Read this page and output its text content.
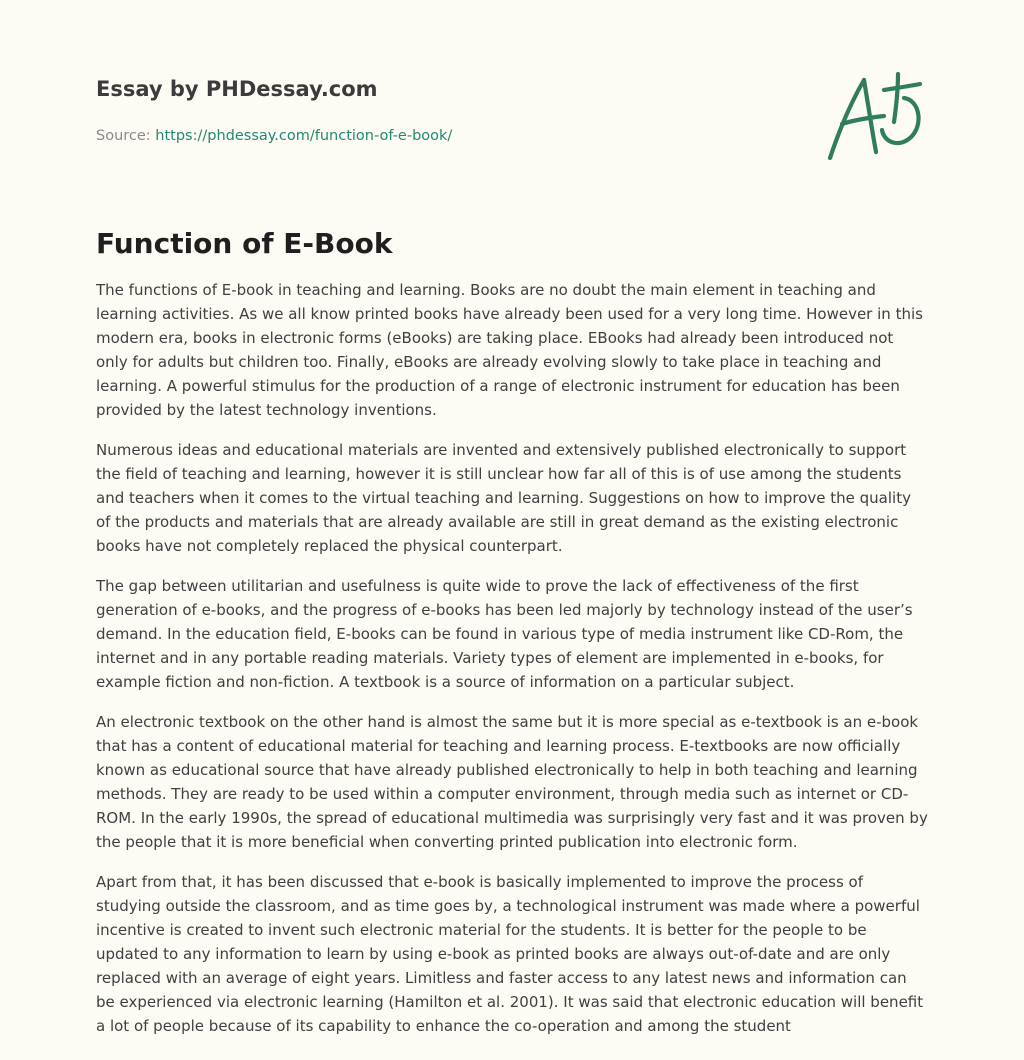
Essay by PHDessay.com
Source: https://phdessay.com/function-of-e-book/
Function of E-Book

The functions of E-book in teaching and learning. Books are no doubt the main element in teaching and learning activities. As we all know printed books have already been used for a very long time. However in this modern era, books in electronic forms (eBooks) are taking place. EBooks had already been introduced not only for adults but children too. Finally, eBooks are already evolving slowly to take place in teaching and learning. A powerful stimulus for the production of a range of electronic instrument for education has been provided by the latest technology inventions.

Numerous ideas and educational materials are invented and extensively published electronically to support the field of teaching and learning, however it is still unclear how far all of this is of use among the students and teachers when it comes to the virtual teaching and learning. Suggestions on how to improve the quality of the products and materials that are already available are still in great demand as the existing electronic books have not completely replaced the physical counterpart.

The gap between utilitarian and usefulness is quite wide to prove the lack of effectiveness of the first generation of e-books, and the progress of e-books has been led majorly by technology instead of the user’s demand. In the education field, E-books can be found in various type of media instrument like CD-Rom, the internet and in any portable reading materials. Variety types of element are implemented in e-books, for example fiction and non-fiction. A textbook is a source of information on a particular subject.

An electronic textbook on the other hand is almost the same but it is more special as e-textbook is an e-book that has a content of educational material for teaching and learning process. E-textbooks are now officially known as educational source that have already published electronically to help in both teaching and learning methods. They are ready to be used within a computer environment, through media such as internet or CD-ROM. In the early 1990s, the spread of educational multimedia was surprisingly very fast and it was proven by the people that it is more beneficial when converting printed publication into electronic form.

Apart from that, it has been discussed that e-book is basically implemented to improve the process of studying outside the classroom, and as time goes by, a technological instrument was made where a powerful incentive is created to invent such electronic material for the students. It is better for the people to be updated to any information to learn by using e-book as printed books are always out-of-date and are only replaced with an average of eight years. Limitless and faster access to any latest news and information can be experienced via electronic learning (Hamilton et al. 2001). It was said that electronic education will benefit a lot of people because of its capability to enhance the co-operation and among the student
